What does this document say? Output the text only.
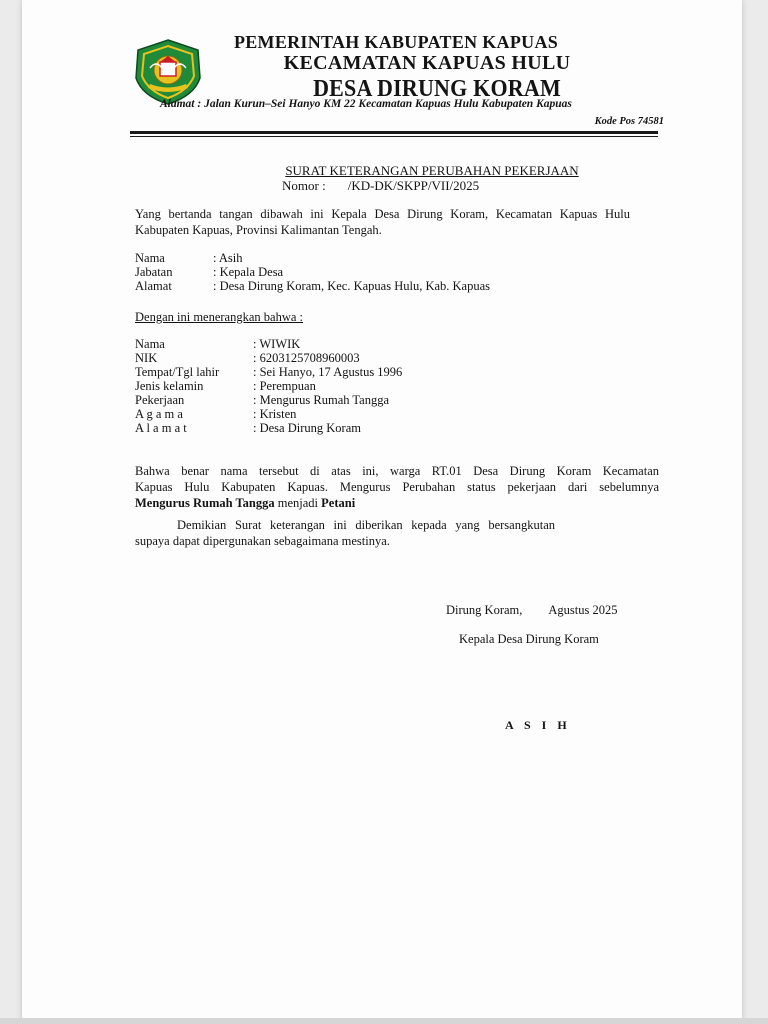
PEMERINTAH KABUPATEN KAPUAS
KECAMATAN KAPUAS HULU
DESA DIRUNG KORAM
Alamat : Jalan Kurun–Sei Hanyo KM 22 Kecamatan Kapuas Hulu Kabupaten Kapuas
Kode Pos 74581
SURAT KETERANGAN PERUBAHAN PEKERJAAN
Nomor : /KD-DK/SKPP/VII/2025
Yang bertanda tangan dibawah ini Kepala Desa Dirung Koram, Kecamatan Kapuas Hulu Kabupaten Kapuas, Provinsi Kalimantan Tengah.
Nama	: Asih
Jabatan	: Kepala Desa
Alamat	: Desa Dirung Koram, Kec. Kapuas Hulu, Kab. Kapuas
Dengan ini menerangkan bahwa :
Nama	: WIWIK
NIK	: 6203125708960003
Tempat/Tgl lahir	: Sei Hanyo, 17 Agustus 1996
Jenis kelamin	: Perempuan
Pekerjaan	: Mengurus Rumah Tangga
A g a m a	: Kristen
A l a m a t	: Desa Dirung Koram
Bahwa benar nama tersebut di atas ini, warga RT.01 Desa Dirung Koram Kecamatan
Kapuas Hulu Kabupaten Kapuas. Mengurus Perubahan status pekerjaan dari sebelumnya
Mengurus Rumah Tangga menjadi Petani
Demikian Surat keterangan ini diberikan kepada yang bersangkutan
supaya dapat dipergunakan sebagaimana mestinya.
Dirung Koram, Agustus 2025
Kepala Desa Dirung Koram
A S I H
